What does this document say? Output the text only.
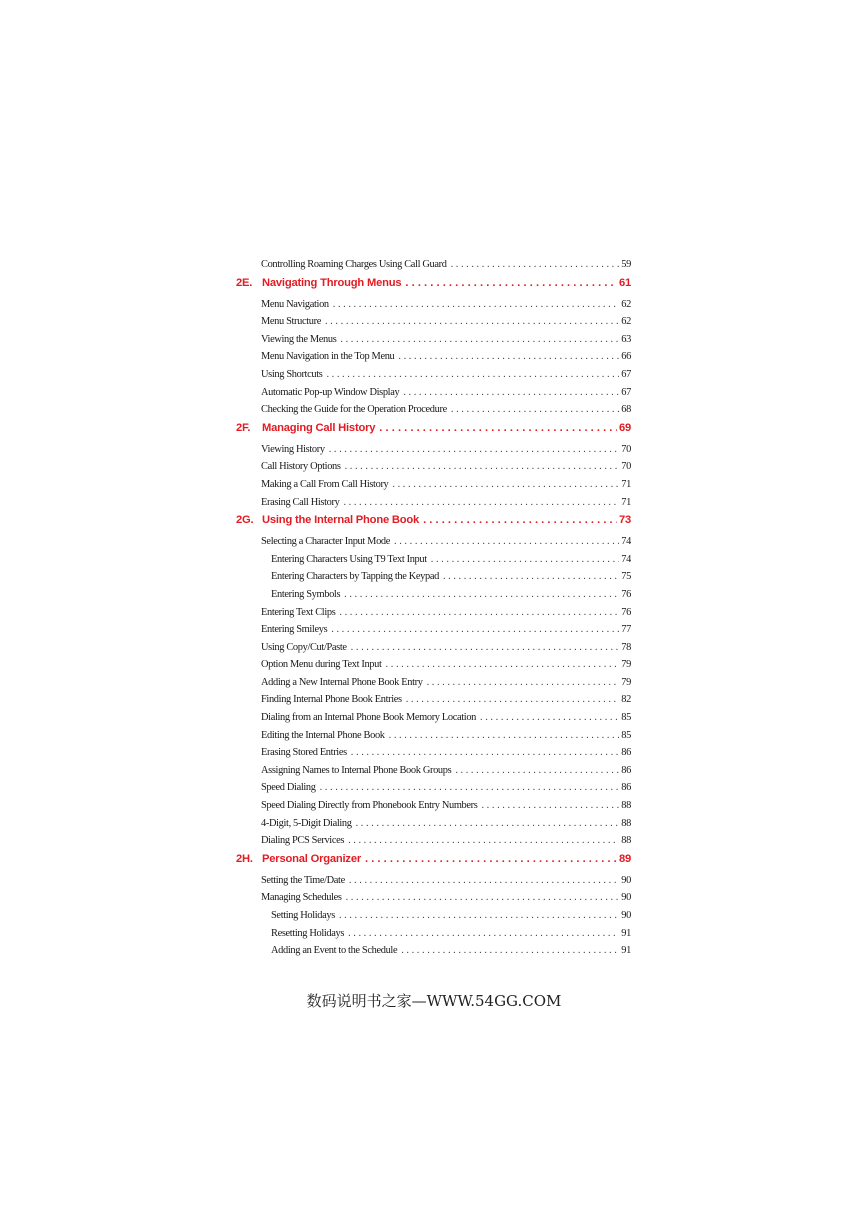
Controlling Roaming Charges Using Call Guard . . .	59
2E. Navigating Through Menus . . .	61
Menu Navigation . . .	62
Menu Structure . . .	62
Viewing the Menus . . .	63
Menu Navigation in the Top Menu . . .	66
Using Shortcuts . . .	67
Automatic Pop-up Window Display . . .	67
Checking the Guide for the Operation Procedure . . .	68
2F.	Managing Call History . . .	69
Viewing History . . .	70
Call History Options . . .	70
Making a Call From Call History . . .	71
Erasing Call History . . .	71
2G. Using the Internal Phone Book . . .	73
Selecting a Character Input Mode . . .	74
Entering Characters Using T9 Text Input . . .	74
Entering Characters by Tapping the Keypad . . .	75
Entering Symbols . . .	76
Entering Text Clips . . .	76
Entering Smileys . . .	77
Using Copy/Cut/Paste . . .	78
Option Menu during Text Input . . .	79
Adding a New Internal Phone Book Entry . . .	79
Finding Internal Phone Book Entries . . .	82
Dialing from an Internal Phone Book Memory Location . . .	85
Editing the Internal Phone Book . . .	85
Erasing Stored Entries . . .	86
Assigning Names to Internal Phone Book Groups . . .	86
Speed Dialing . . .	86
Speed Dialing Directly from Phonebook Entry Numbers . . .	88
4-Digit, 5-Digit Dialing . . .	88
Dialing PCS Services . . .	88
2H. Personal Organizer . . .	89
Setting the Time/Date . . .	90
Managing Schedules . . .	90
Setting Holidays . . .	90
Resetting Holidays . . .	91
Adding an Event to the Schedule . . .	91
数码说明书之家—WWW.54GG.COM
